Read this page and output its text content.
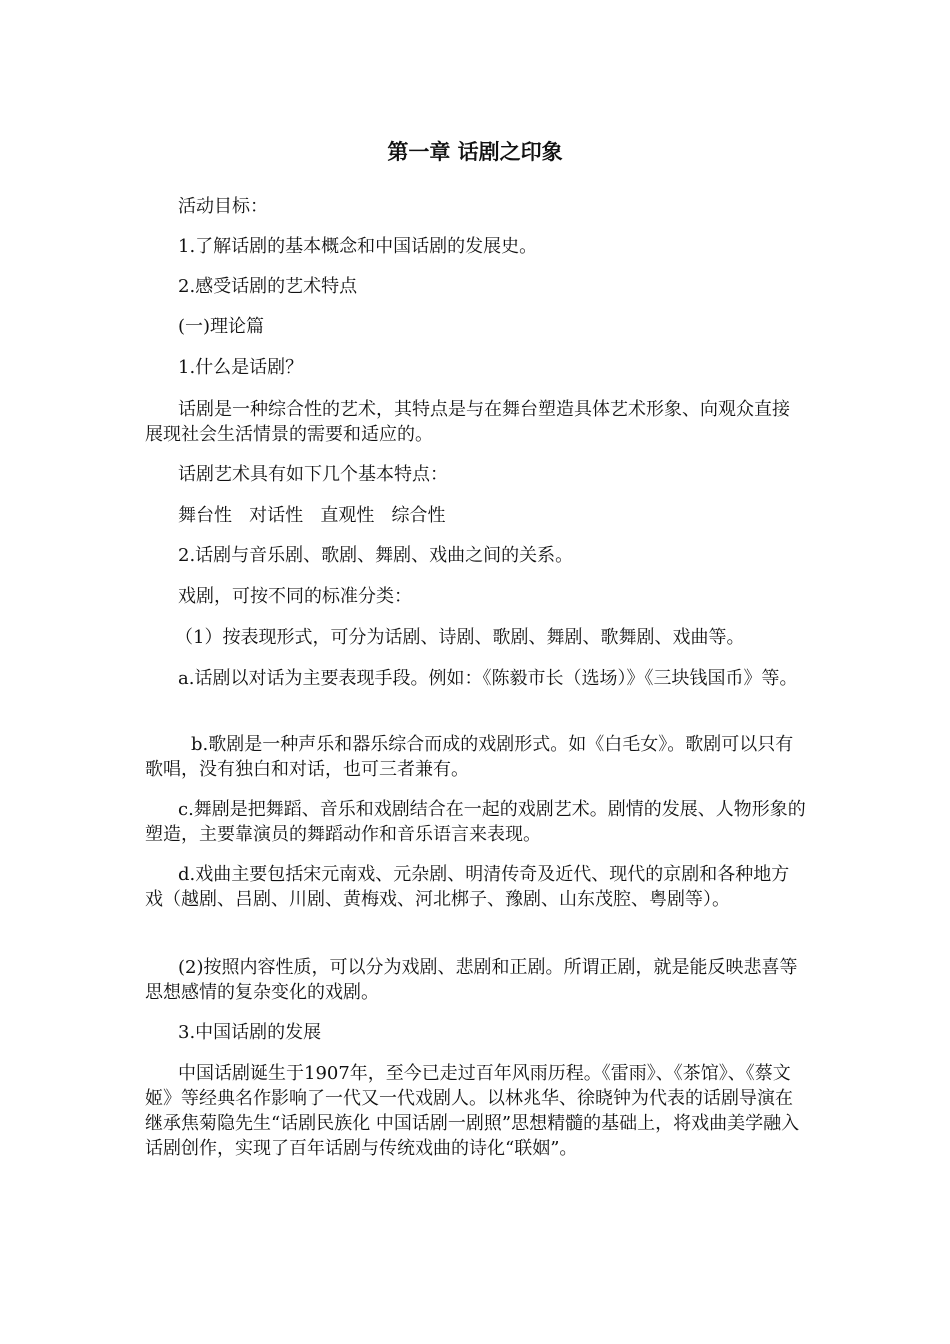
第一章 话剧之印象

活动目标：

1.了解话剧的基本概念和中国话剧的发展史。

2.感受话剧的艺术特点

(一)理论篇

1.什么是话剧？

话剧是一种综合性的艺术，其特点是与在舞台塑造具体艺术形象、向观众直接展现社会生活情景的需要和适应的。

话剧艺术具有如下几个基本特点：

舞台性   对话性   直观性   综合性

2.话剧与音乐剧、歌剧、舞剧、戏曲之间的关系。

戏剧，可按不同的标准分类：

（1）按表现形式，可分为话剧、诗剧、歌剧、舞剧、歌舞剧、戏曲等。

a.话剧以对话为主要表现手段。例如：《陈毅市长（选场）》《三块钱国币》等。

b.歌剧是一种声乐和器乐综合而成的戏剧形式。如《白毛女》。歌剧可以只有歌唱，没有独白和对话，也可三者兼有。

c.舞剧是把舞蹈、音乐和戏剧结合在一起的戏剧艺术。剧情的发展、人物形象的塑造，主要靠演员的舞蹈动作和音乐语言来表现。

d.戏曲主要包括宋元南戏、元杂剧、明清传奇及近代、现代的京剧和各种地方戏（越剧、吕剧、川剧、黄梅戏、河北梆子、豫剧、山东茂腔、粤剧等）。

(2)按照内容性质，可以分为戏剧、悲剧和正剧。所谓正剧，就是能反映悲喜等思想感情的复杂变化的戏剧。

3.中国话剧的发展

中国话剧诞生于1907年，至今已走过百年风雨历程。《雷雨》、《茶馆》、《蔡文姬》等经典名作影响了一代又一代戏剧人。以林兆华、徐晓钟为代表的话剧导演在继承焦菊隐先生“话剧民族化 中国话剧一剧照”思想精髓的基础上，将戏曲美学融入话剧创作，实现了百年话剧与传统戏曲的诗化“联姻”。
